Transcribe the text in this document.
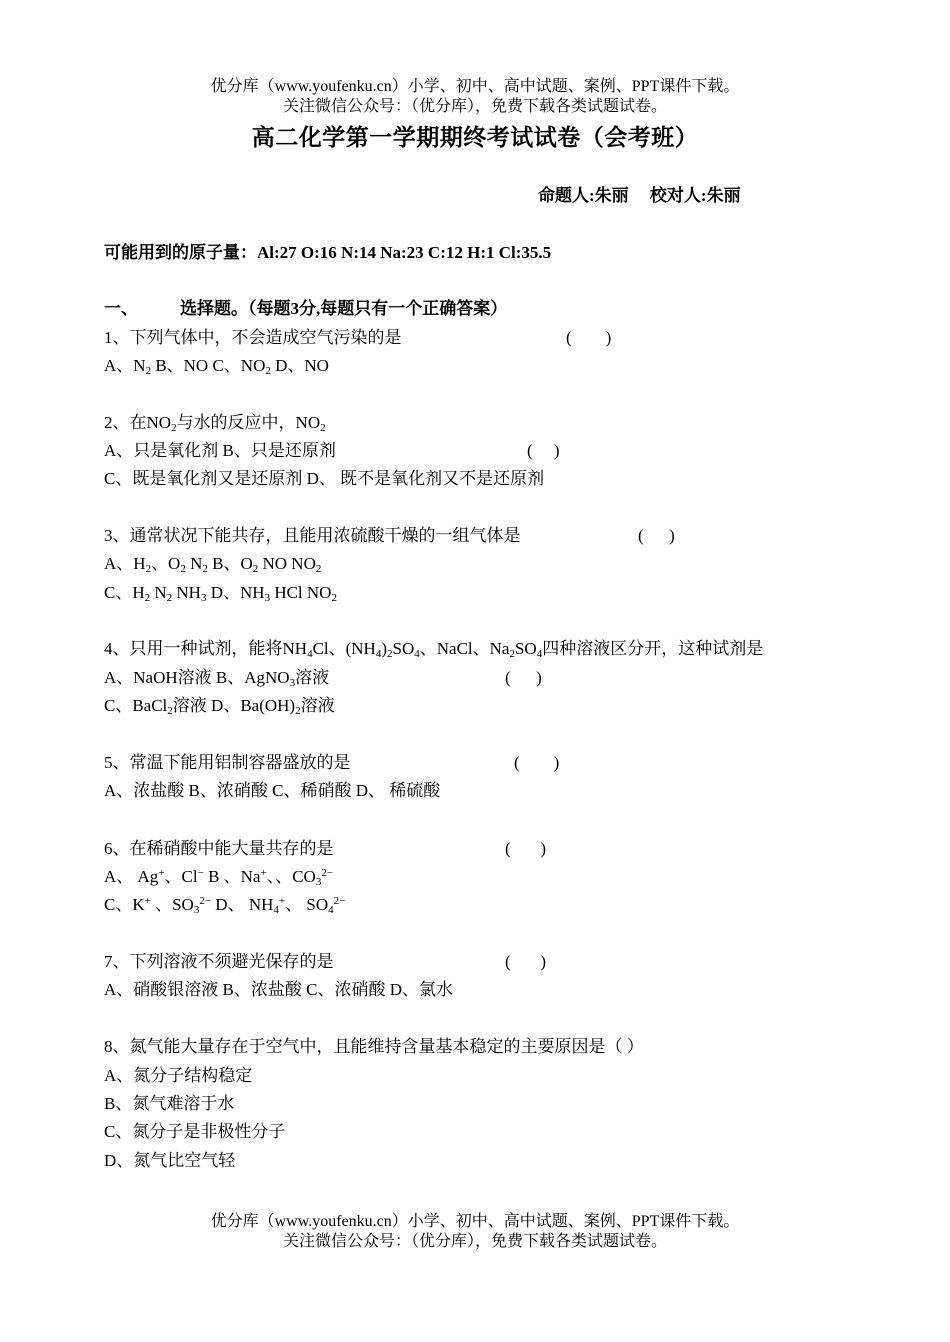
优分库（www.youfenku.cn）小学、初中、高中试题、案例、PPT课件下载。
关注微信公众号：（优分库），免费下载各类试题试卷。
高二化学第一学期期终考试试卷（会考班）
命题人:朱丽　 校对人:朱丽
可能用到的原子量：Al:27 O:16 N:14 Na:23 C:12 H:1 Cl:35.5
一、 选择题。（每题3分,每题只有一个正确答案）
1、下列气体中，不会造成空气污染的是	(        )
A、$N_2$ B、NO C、$NO_2$ D、NO
2、在$NO_2$与水的反应中，$NO_2$
A、只是氧化剂 B、只是还原剂	(     )
C、既是氧化剂又是还原剂 D、 既不是氧化剂又不是还原剂
3、通常状况下能共存，且能用浓硫酸干燥的一组气体是	(      )
A、$H_2$、$O_2$ $N_2$ B、$O_2$ NO $NO_2$
C、$H_2$ $N_2$ $NH_3$ D、$NH_3$ HCl $NO_2$
4、只用一种试剂，能将$NH_4Cl$、$(NH_4)_2SO_4$、NaCl、$Na_2SO_4$四种溶液区分开，这种试剂是
A、NaOH溶液 B、AgNO$_3$溶液	(      )
C、BaCl$_2$溶液 D、$Ba(OH)_2$溶液
5、常温下能用铝制容器盛放的是	(        )
A、浓盐酸 B、浓硝酸 C、稀硝酸 D、 稀硫酸
6、在稀硝酸中能大量共存的是	(       )
A、 Ag+、Cl− B 、Na+、、$CO_3^{2-}$
C、K+ 、$SO_3^{2-}$ D、 $NH_4^+$、 $SO_4^{2-}$
7、下列溶液不须避光保存的是	(       )
A、硝酸银溶液 B、浓盐酸 C、浓硝酸 D、氯水
8、氮气能大量存在于空气中，且能维持含量基本稳定的主要原因是（ ）
A、氮分子结构稳定
B、氮气难溶于水
C、氮分子是非极性分子
D、氮气比空气轻
优分库（www.youfenku.cn）小学、初中、高中试题、案例、PPT课件下载。
关注微信公众号：（优分库），免费下载各类试题试卷。
